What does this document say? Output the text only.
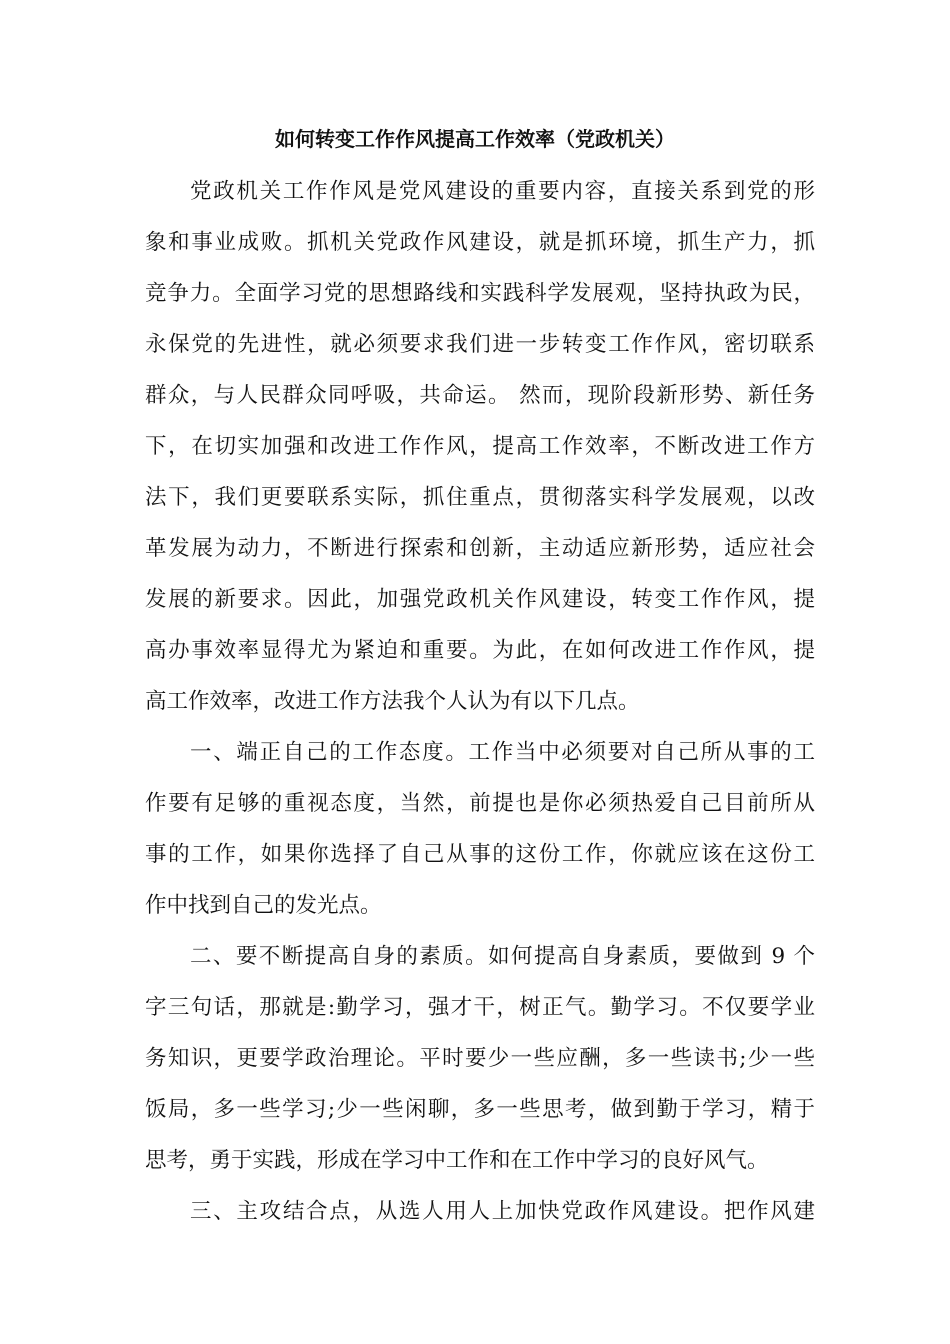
如何转变工作作风提高工作效率（党政机关）
党政机关工作作风是党风建设的重要内容，直接关系到党的形
象和事业成败。抓机关党政作风建设，就是抓环境，抓生产力，抓
竞争力。全面学习党的思想路线和实践科学发展观，坚持执政为民，
永保党的先进性，就必须要求我们进一步转变工作作风，密切联系
群众，与人民群众同呼吸，共命运。 然而，现阶段新形势、新任务
下，在切实加强和改进工作作风，提高工作效率，不断改进工作方
法下，我们更要联系实际，抓住重点，贯彻落实科学发展观，以改
革发展为动力，不断进行探索和创新，主动适应新形势，适应社会
发展的新要求。因此，加强党政机关作风建设，转变工作作风，提
高办事效率显得尤为紧迫和重要。为此，在如何改进工作作风，提
高工作效率，改进工作方法我个人认为有以下几点。
一、端正自己的工作态度。工作当中必须要对自己所从事的工
作要有足够的重视态度，当然，前提也是你必须热爱自己目前所从
事的工作，如果你选择了自己从事的这份工作，你就应该在这份工
作中找到自己的发光点。
二、要不断提高自身的素质。如何提高自身素质，要做到 9 个
字三句话，那就是:勤学习，强才干，树正气。勤学习。不仅要学业
务知识，更要学政治理论。平时要少一些应酬，多一些读书;少一些
饭局，多一些学习;少一些闲聊，多一些思考，做到勤于学习，精于
思考，勇于实践，形成在学习中工作和在工作中学习的良好风气。
三、主攻结合点，从选人用人上加快党政作风建设。把作风建
